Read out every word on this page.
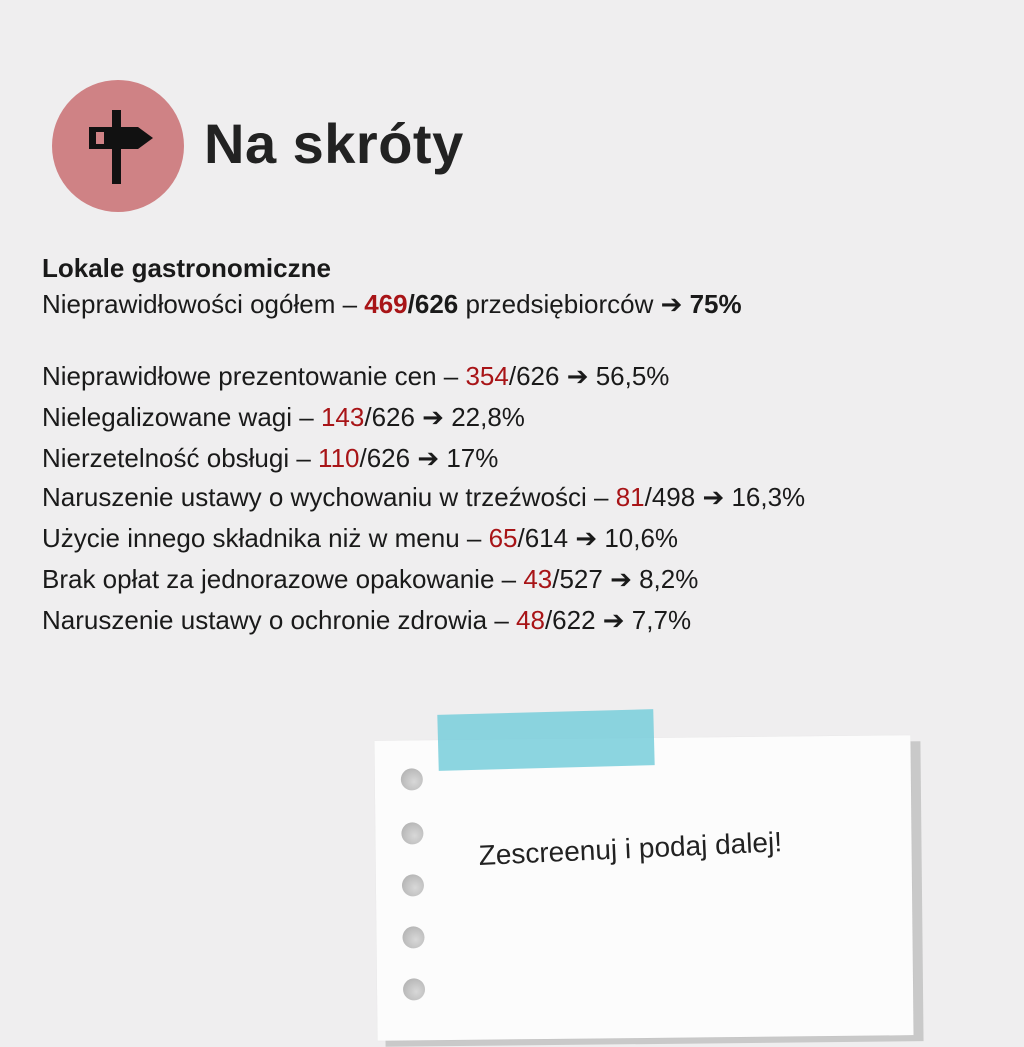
Na skróty
Lokale gastronomiczne
Nieprawidłowości ogółem – 469/626 przedsiębiorców ➔ 75%
Nieprawidłowe prezentowanie cen – 354/626 ➔ 56,5%
Nielegalizowane wagi – 143/626 ➔ 22,8%
Nierzetelność obsługi – 110/626 ➔ 17%
Naruszenie ustawy o wychowaniu w trzeźwości – 81/498 ➔ 16,3%
Użycie innego składnika niż w menu – 65/614 ➔ 10,6%
Brak opłat za jednorazowe opakowanie – 43/527 ➔ 8,2%
Naruszenie ustawy o ochronie zdrowia – 48/622 ➔ 7,7%
Zescreenuj i podaj dalej!
